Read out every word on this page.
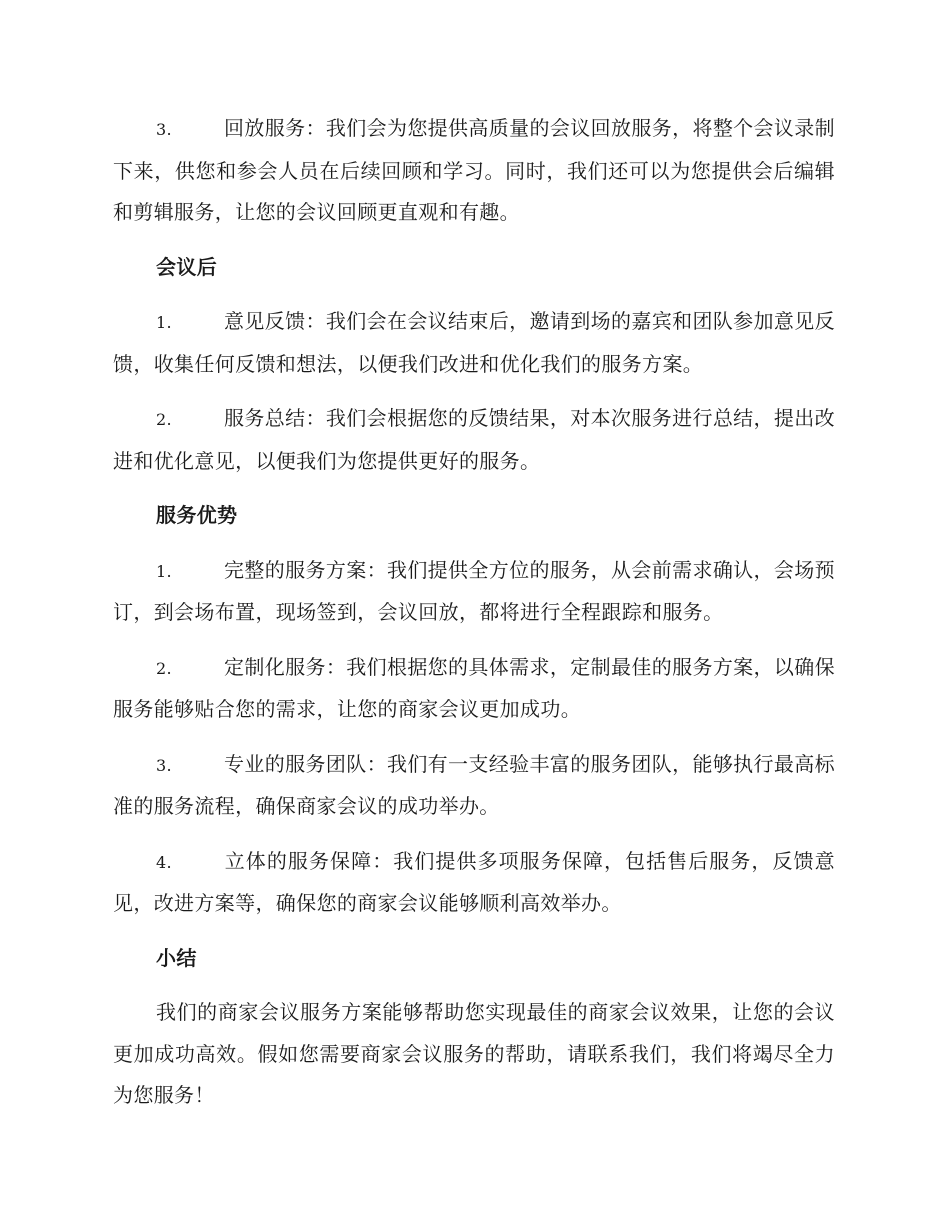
3.	回放服务：我们会为您提供高质量的会议回放服务，将整个会议录制下来，供您和参会人员在后续回顾和学习。同时，我们还可以为您提供会后编辑和剪辑服务，让您的会议回顾更直观和有趣。

会议后

1.	意见反馈：我们会在会议结束后，邀请到场的嘉宾和团队参加意见反馈，收集任何反馈和想法，以便我们改进和优化我们的服务方案。

2.	服务总结：我们会根据您的反馈结果，对本次服务进行总结，提出改进和优化意见，以便我们为您提供更好的服务。

服务优势

1.	完整的服务方案：我们提供全方位的服务，从会前需求确认，会场预订，到会场布置，现场签到，会议回放，都将进行全程跟踪和服务。

2.	定制化服务：我们根据您的具体需求，定制最佳的服务方案，以确保服务能够贴合您的需求，让您的商家会议更加成功。

3.	专业的服务团队：我们有一支经验丰富的服务团队，能够执行最高标准的服务流程，确保商家会议的成功举办。

4.	立体的服务保障：我们提供多项服务保障，包括售后服务，反馈意见，改进方案等，确保您的商家会议能够顺利高效举办。

小结

我们的商家会议服务方案能够帮助您实现最佳的商家会议效果，让您的会议更加成功高效。假如您需要商家会议服务的帮助，请联系我们，我们将竭尽全力为您服务！
